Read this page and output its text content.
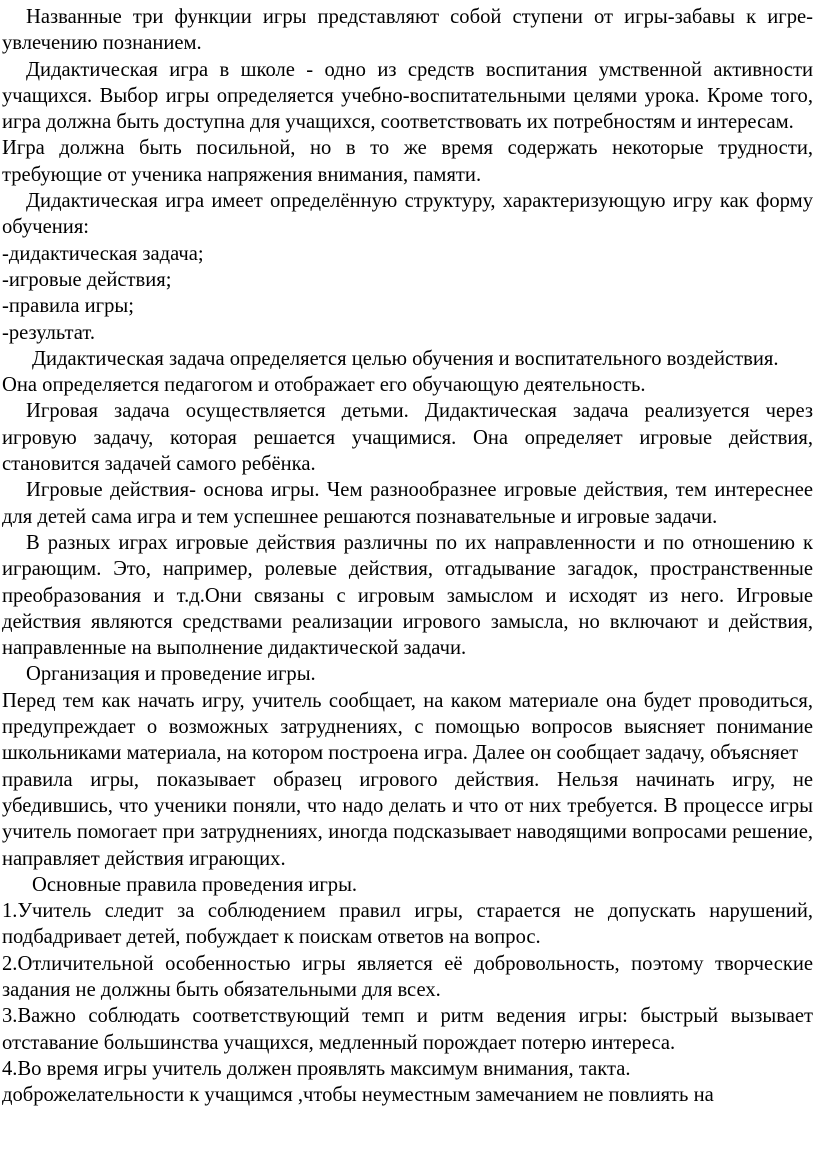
Названные три функции игры представляют собой ступени от игры-забавы к игре-увлечению познанием.

Дидактическая игра в школе - одно из средств воспитания умственной активности учащихся. Выбор игры определяется учебно-воспитательными целями урока. Кроме того, игра должна быть доступна для учащихся, соответствовать их потребностям и интересам.

Игра должна быть посильной, но в то же время содержать некоторые трудности, требующие от ученика напряжения внимания, памяти.

Дидактическая игра имеет определённую структуру, характеризующую игру как форму обучения:

-дидактическая задача;

-игровые действия;

-правила игры;

-результат.

Дидактическая задача определяется целью обучения и воспитательного воздействия.

Она определяется педагогом и отображает его обучающую деятельность.

Игровая задача осуществляется детьми. Дидактическая задача реализуется через игровую задачу, которая решается учащимися. Она определяет игровые действия, становится задачей самого ребёнка.

Игровые действия- основа игры. Чем разнообразнее игровые действия, тем интереснее для детей сама игра и тем успешнее решаются познавательные и игровые задачи.

В разных играх игровые действия различны по их направленности и по отношению к играющим. Это, например, ролевые действия, отгадывание загадок, пространственные преобразования и т.д.Они связаны с игровым замыслом и исходят из него. Игровые действия являются средствами реализации игрового замысла, но включают и действия, направленные на выполнение дидактической задачи.

Организация и проведение игры.

Перед тем как начать игру, учитель сообщает, на каком материале она будет проводиться, предупреждает о возможных затруднениях, с помощью вопросов выясняет понимание школьниками материала, на котором построена игра. Далее он сообщает задачу, объясняет

правила игры, показывает образец игрового действия. Нельзя начинать игру, не убедившись, что ученики поняли, что надо делать и что от них требуется. В процессе игры учитель помогает при затруднениях, иногда подсказывает наводящими вопросами решение, направляет действия играющих.

Основные правила проведения игры.

1.Учитель следит за соблюдением правил игры, старается не допускать нарушений, подбадривает детей, побуждает к поискам ответов на вопрос.

2.Отличительной особенностью игры является её добровольность, поэтому творческие задания не должны быть обязательными для всех.

3.Важно соблюдать соответствующий темп и ритм ведения игры: быстрый вызывает отставание большинства учащихся, медленный порождает потерю интереса.

4.Во время игры учитель должен проявлять максимум внимания, такта.

доброжелательности к учащимся ,чтобы неуместным замечанием не повлиять на
